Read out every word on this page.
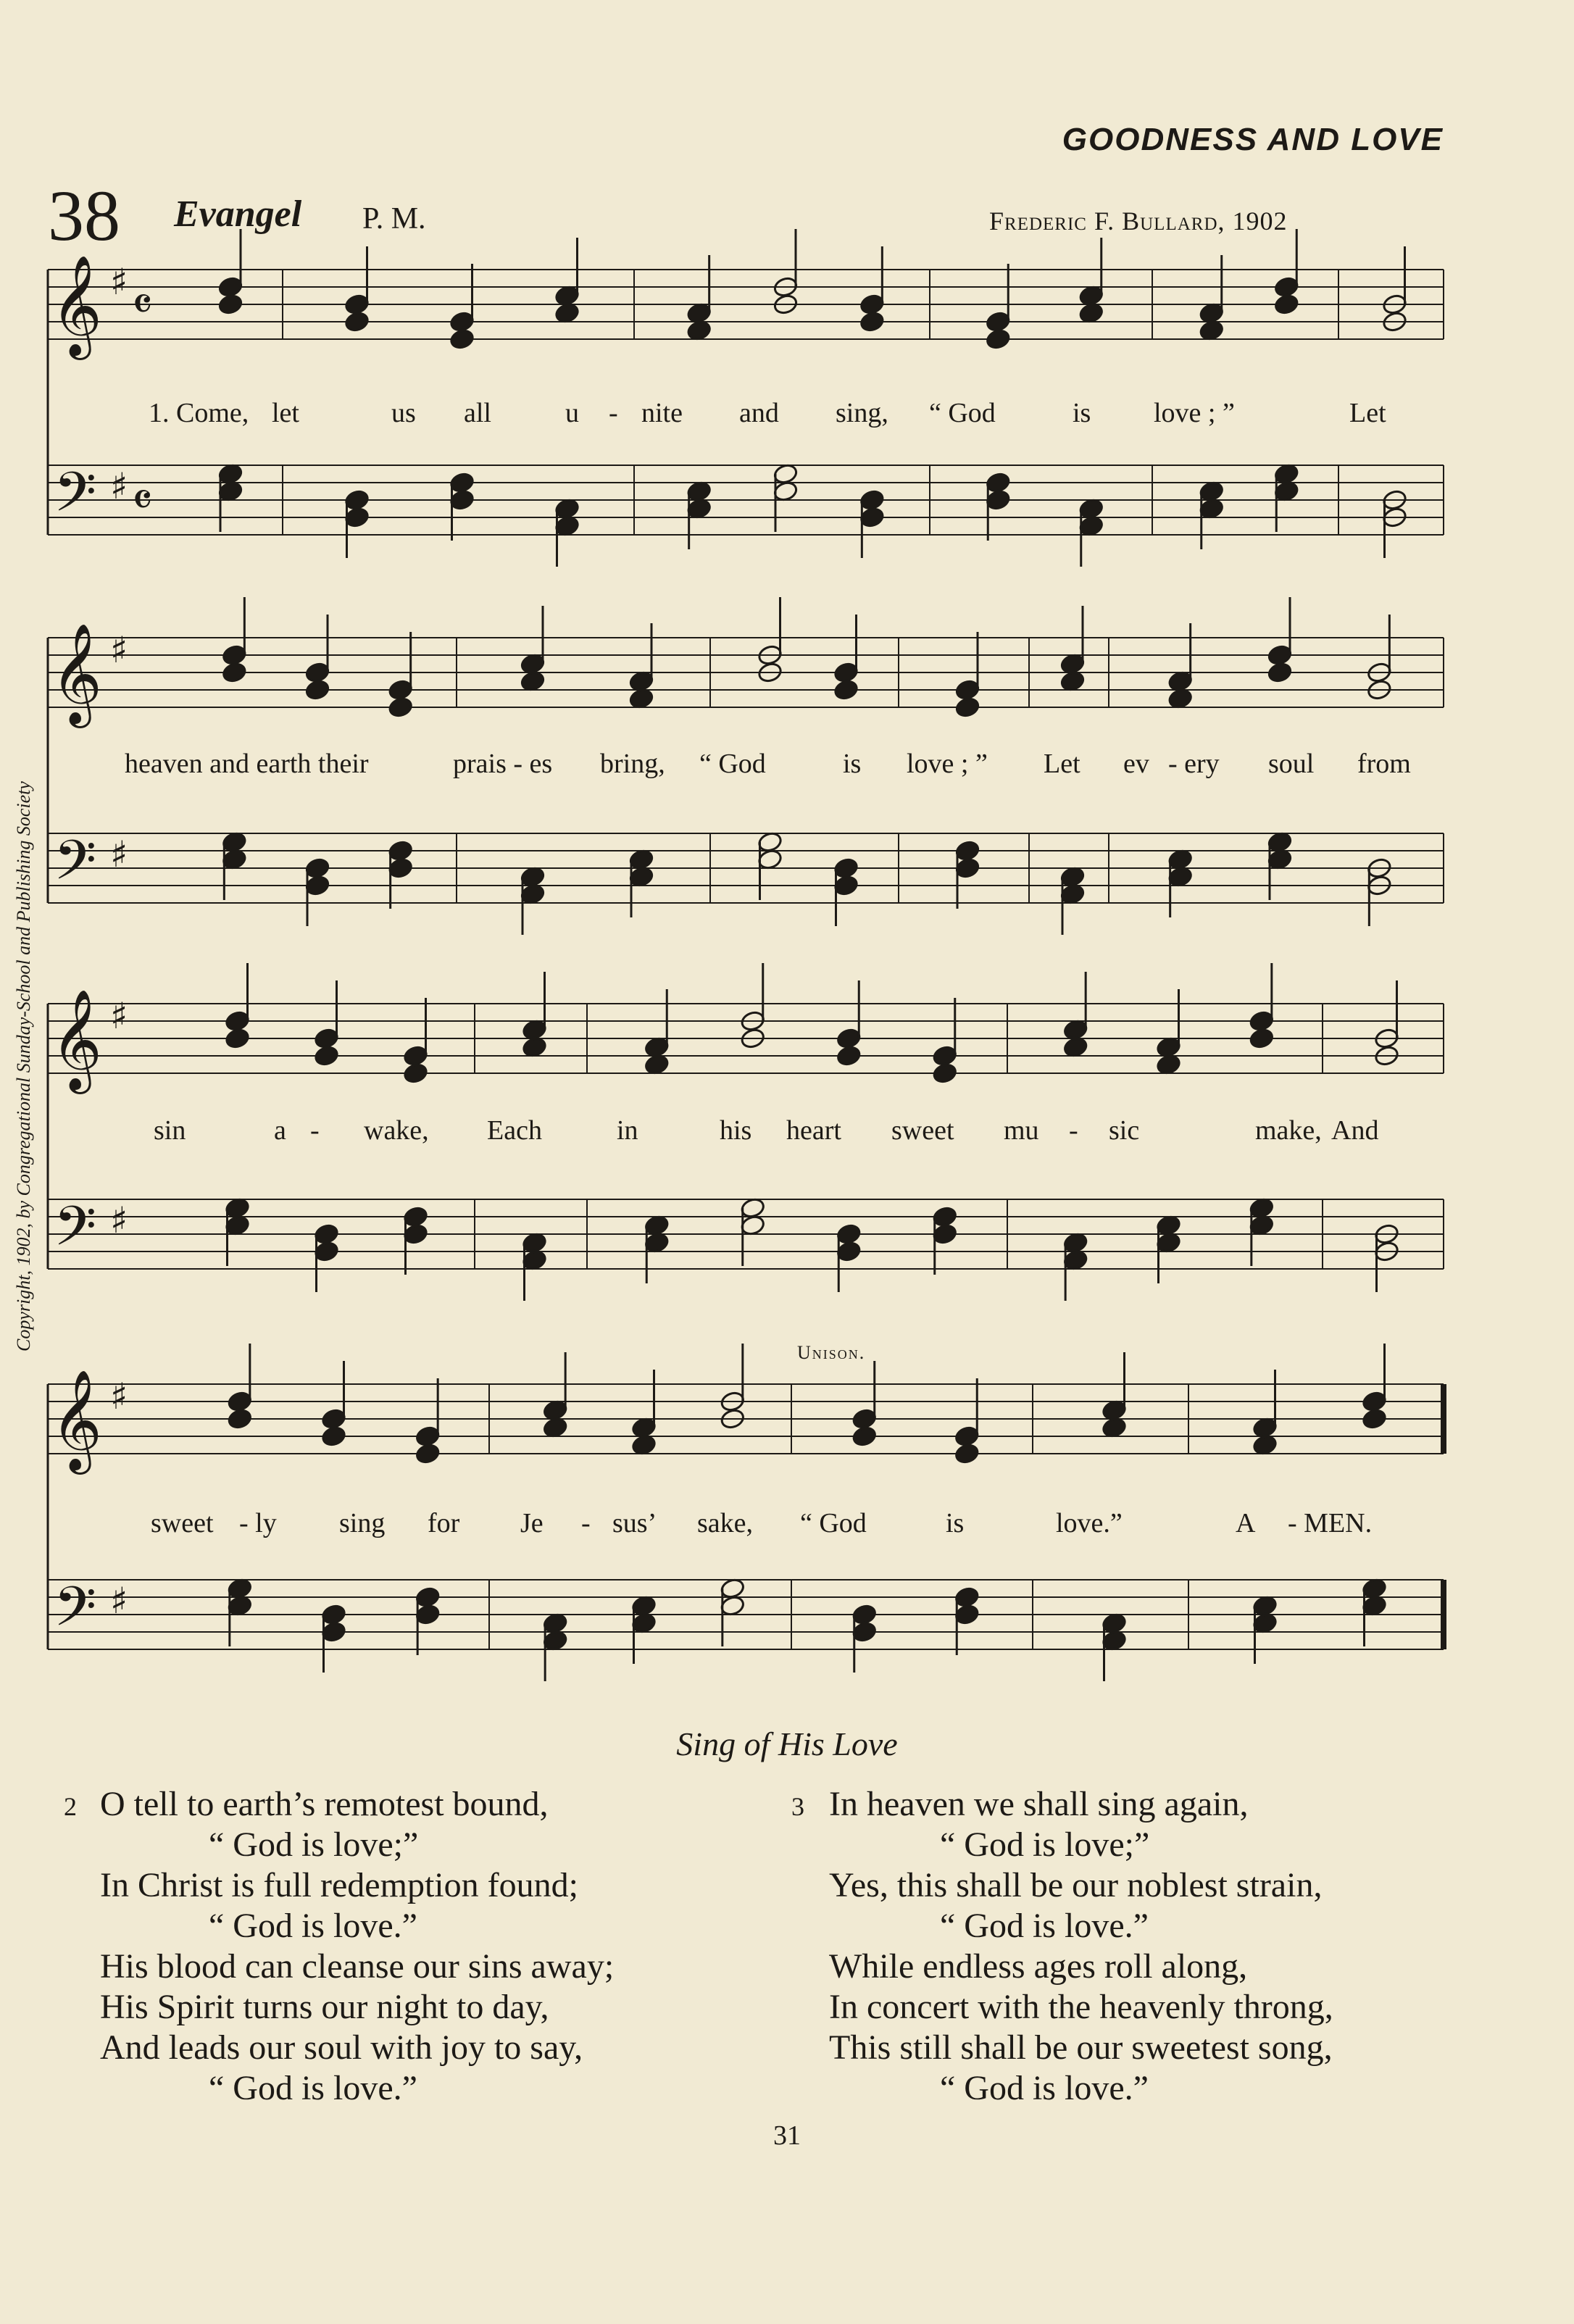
GOODNESS AND LOVE
38 Evangel P. M.	Frederic F. Bullard, 1902
Copyright, 1902, by Congregational Sunday-School and Publishing Society
𝄞
𝄢
♯
♯
𝄴
𝄴
𝄞
𝄢
♯
♯
𝄞
𝄢
♯
♯
𝄞
𝄢
♯
♯
1. Come, let	us all	u - nite and sing, “ God	is love ; ”	Let
heaven and earth their	prais - es bring, “ God	is love ; ” Let ev - ery soul from
sin	a - wake, Each	in	his heart sweet mu - sic	make, And
sweet - ly sing for Je - sus’ sake, “ God	is	love.”	A - MEN.
Unison.
Sing of His Love
2 O tell to earth’s remotest bound,
“ God is love;”
In Christ is full redemption found;
“ God is love.”
His blood can cleanse our sins away;
His Spirit turns our night to day,
And leads our soul with joy to say,
“ God is love.”
3 In heaven we shall sing again,
“ God is love;”
Yes, this shall be our noblest strain,
“ God is love.”
While endless ages roll along,
In concert with the heavenly throng,
This still shall be our sweetest song,
“ God is love.”
31
